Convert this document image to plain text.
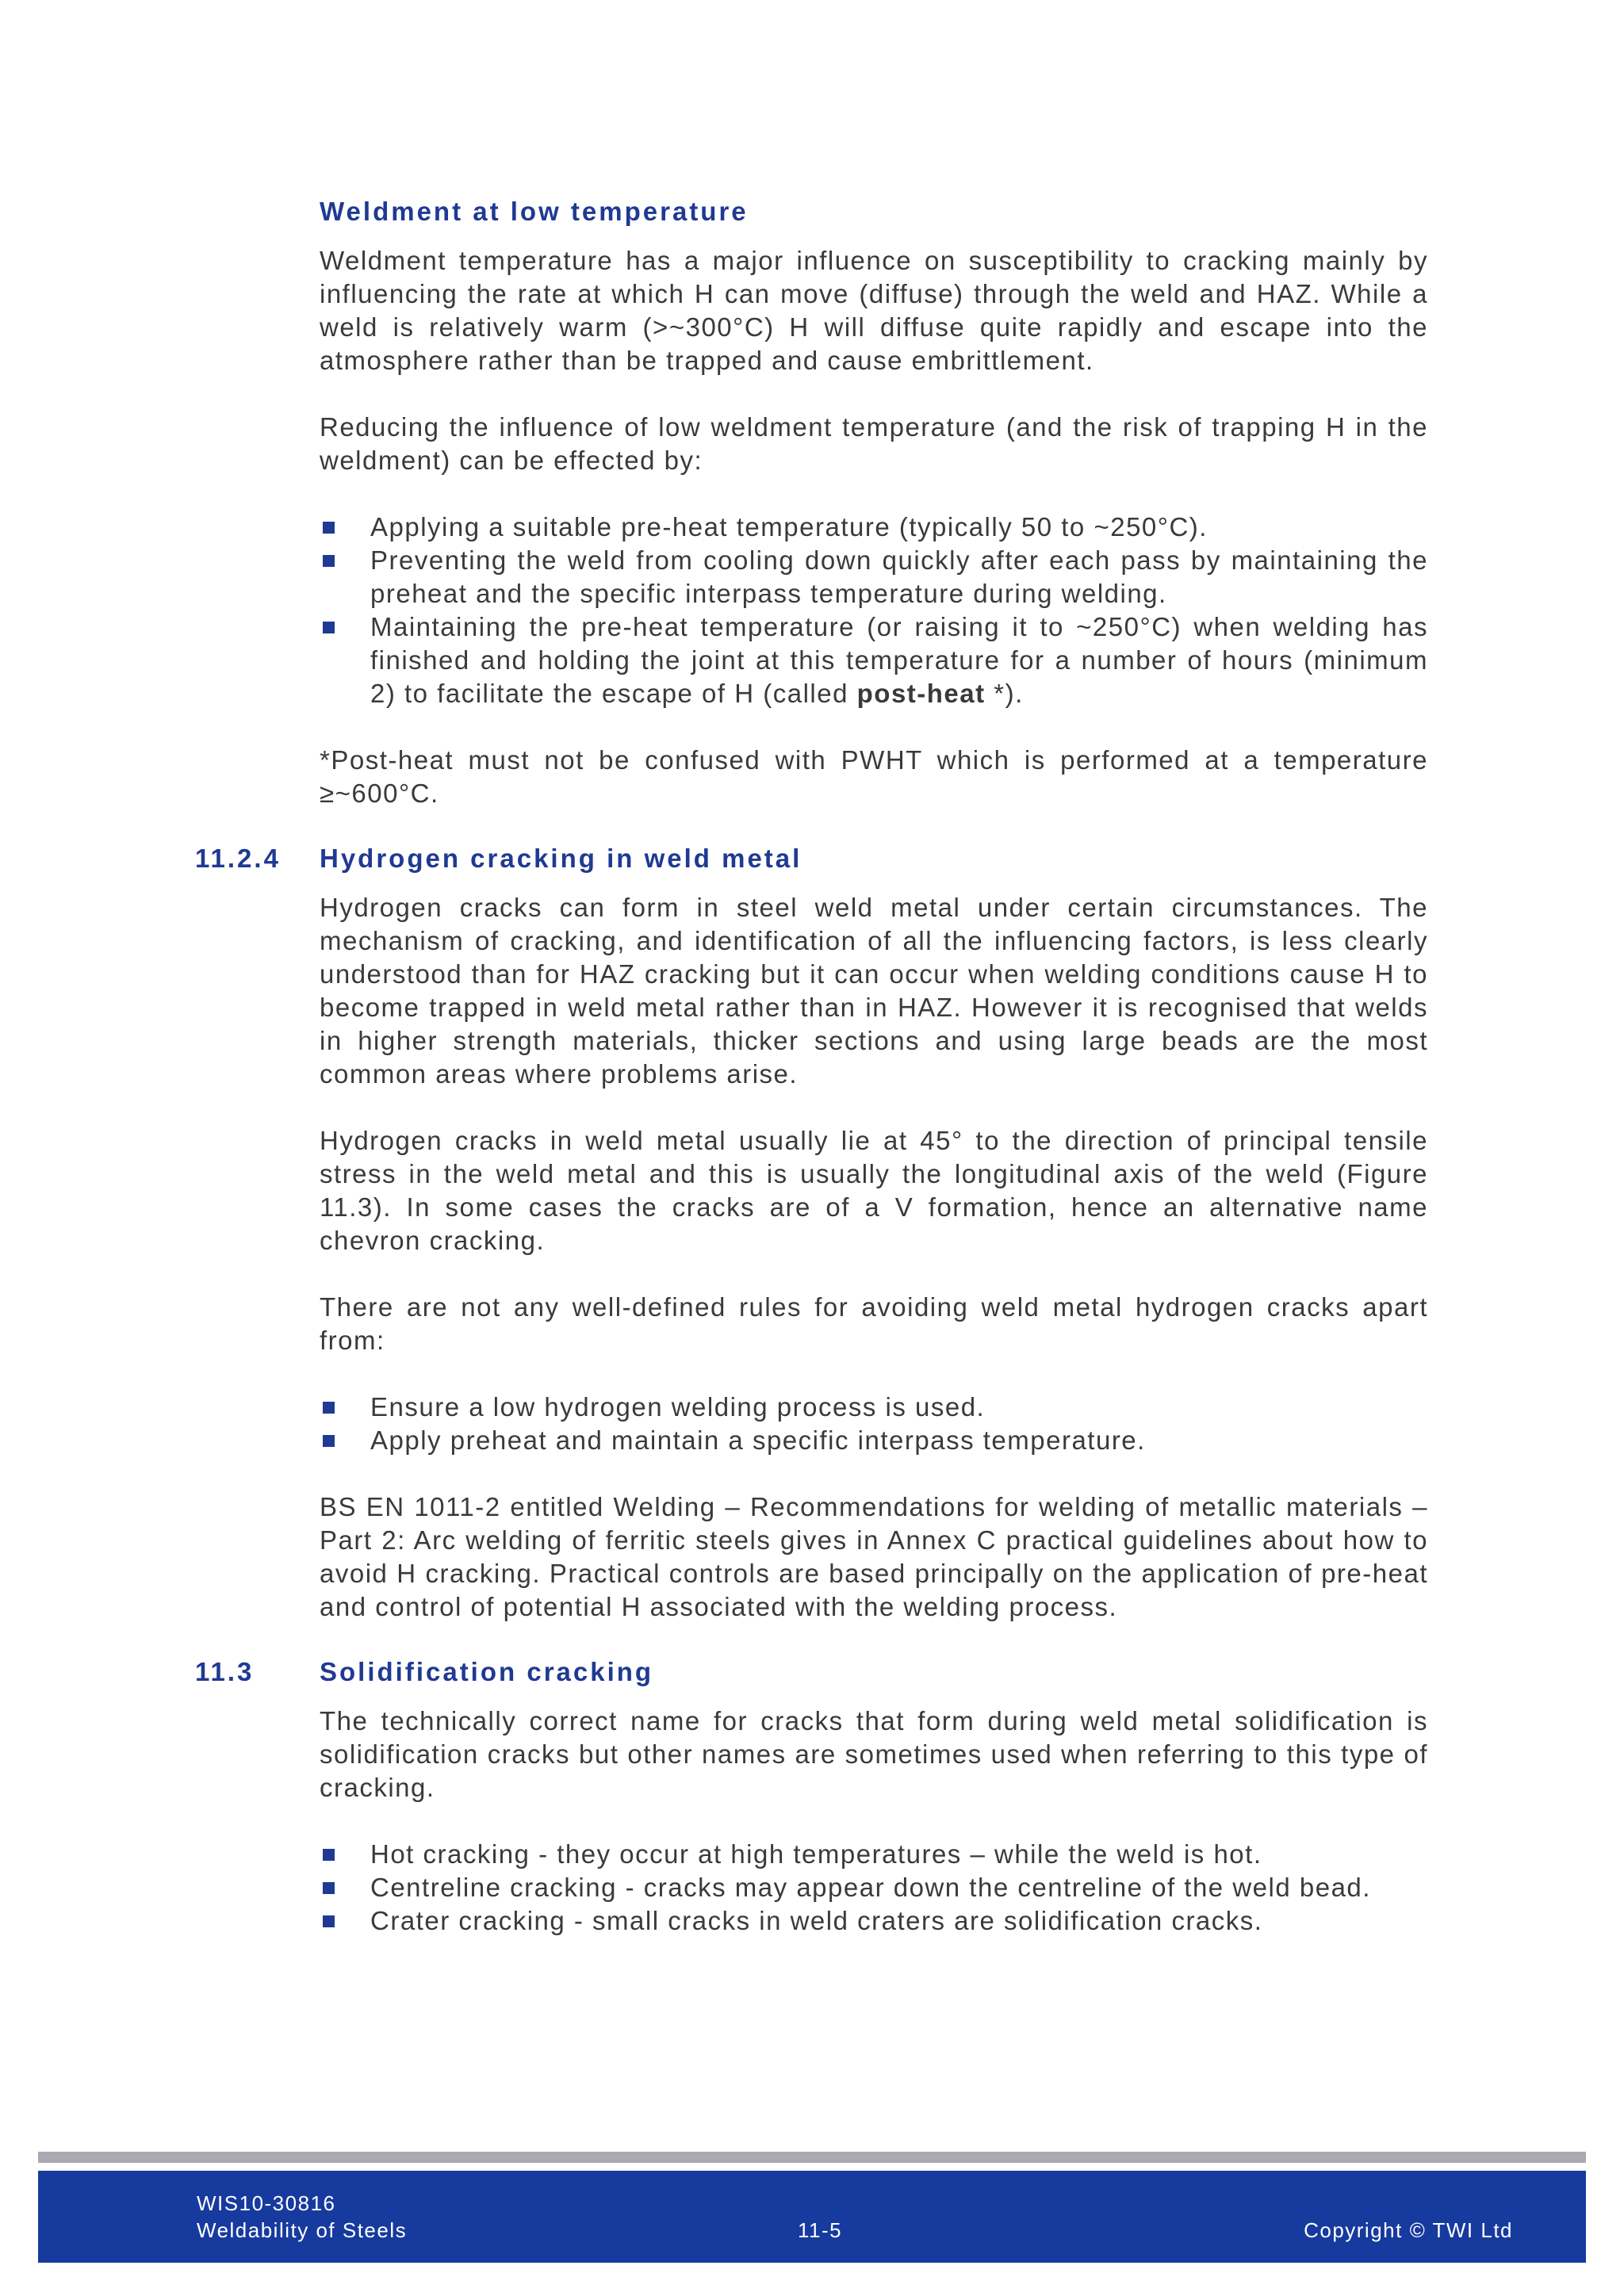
Weldment at low temperature

Weldment temperature has a major influence on susceptibility to cracking mainly by influencing the rate at which H can move (diffuse) through the weld and HAZ. While a weld is relatively warm (>~300°C) H will diffuse quite rapidly and escape into the atmosphere rather than be trapped and cause embrittlement.

Reducing the influence of low weldment temperature (and the risk of trapping H in the weldment) can be effected by:

Applying a suitable pre-heat temperature (typically 50 to ~250°C).
Preventing the weld from cooling down quickly after each pass by maintaining the preheat and the specific interpass temperature during welding.
Maintaining the pre-heat temperature (or raising it to ~250°C) when welding has finished and holding the joint at this temperature for a number of hours (minimum 2) to facilitate the escape of H (called post-heat *).

*Post-heat must not be confused with PWHT which is performed at a temperature ≥~600°C.

11.2.4 Hydrogen cracking in weld metal

Hydrogen cracks can form in steel weld metal under certain circumstances. The mechanism of cracking, and identification of all the influencing factors, is less clearly understood than for HAZ cracking but it can occur when welding conditions cause H to become trapped in weld metal rather than in HAZ. However it is recognised that welds in higher strength materials, thicker sections and using large beads are the most common areas where problems arise.

Hydrogen cracks in weld metal usually lie at 45° to the direction of principal tensile stress in the weld metal and this is usually the longitudinal axis of the weld (Figure 11.3). In some cases the cracks are of a V formation, hence an alternative name chevron cracking.

There are not any well-defined rules for avoiding weld metal hydrogen cracks apart from:

Ensure a low hydrogen welding process is used.
Apply preheat and maintain a specific interpass temperature.

BS EN 1011-2 entitled Welding – Recommendations for welding of metallic materials – Part 2: Arc welding of ferritic steels gives in Annex C practical guidelines about how to avoid H cracking. Practical controls are based principally on the application of pre-heat and control of potential H associated with the welding process.

11.3	Solidification cracking

The technically correct name for cracks that form during weld metal solidification is solidification cracks but other names are sometimes used when referring to this type of cracking.

Hot cracking - they occur at high temperatures – while the weld is hot.
Centreline cracking - cracks may appear down the centreline of the weld bead.
Crater cracking - small cracks in weld craters are solidification cracks.
WIS10-30816
Weldability of Steels	11-5	Copyright © TWI Ltd
